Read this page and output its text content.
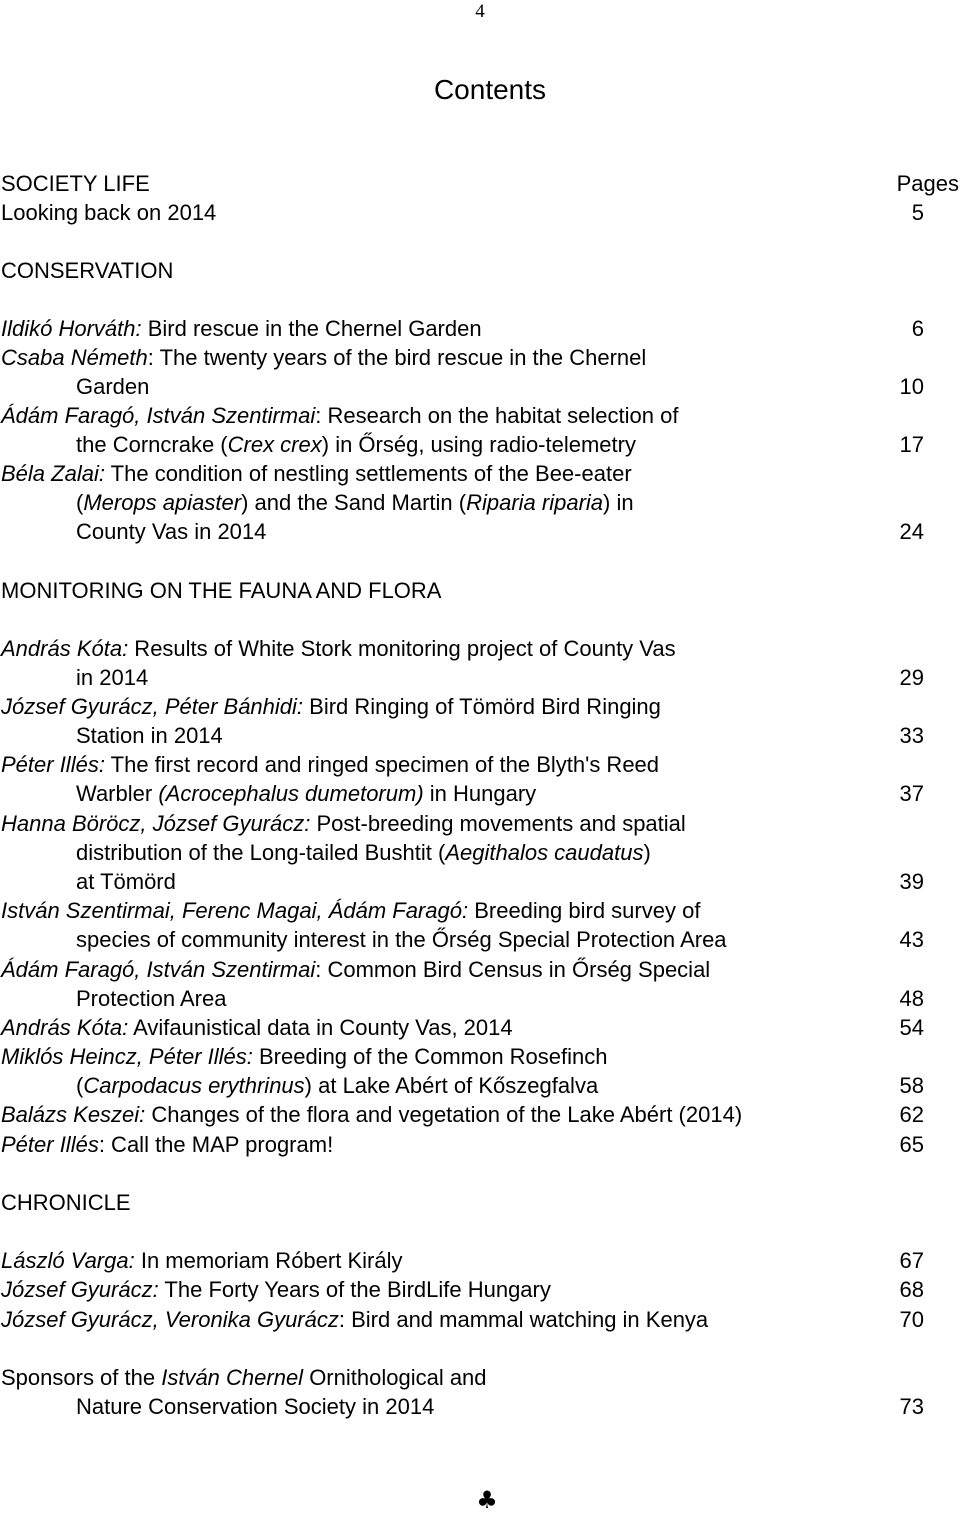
4
Contents
SOCIETY LIFE	Pages
Looking back on 2014	5
CONSERVATION
Ildikó Horváth: Bird rescue in the Chernel Garden	6
Csaba Németh: The twenty years of the bird rescue in the Chernel
Garden	10
Ádám Faragó, István Szentirmai: Research on the habitat selection of
the Corncrake (Crex crex) in Őrség, using radio-telemetry	17
Béla Zalai: The condition of nestling settlements of the Bee-eater
(Merops apiaster) and the Sand Martin (Riparia riparia) in
County Vas in 2014	24
MONITORING ON THE FAUNA AND FLORA
András Kóta: Results of White Stork monitoring project of County Vas
in 2014	29
József Gyurácz, Péter Bánhidi: Bird Ringing of Tömörd Bird Ringing
Station in 2014	33
Péter Illés: The first record and ringed specimen of the Blyth's Reed
Warbler (Acrocephalus dumetorum) in Hungary	37
Hanna Böröcz, József Gyurácz: Post-breeding movements and spatial
distribution of the Long-tailed Bushtit (Aegithalos caudatus)
at Tömörd	39
István Szentirmai, Ferenc Magai, Ádám Faragó: Breeding bird survey of
species of community interest in the Őrség Special Protection Area	43
Ádám Faragó, István Szentirmai: Common Bird Census in Őrség Special
Protection Area	48
András Kóta: Avifaunistical data in County Vas, 2014	54
Miklós Heincz, Péter Illés: Breeding of the Common Rosefinch
(Carpodacus erythrinus) at Lake Abért of Kőszegfalva	58
Balázs Keszei: Changes of the flora and vegetation of the Lake Abért (2014)	62
Péter Illés: Call the MAP program!	65
CHRONICLE
László Varga: In memoriam Róbert Király	67
József Gyurácz: The Forty Years of the BirdLife Hungary	68
József Gyurácz, Veronika Gyurácz: Bird and mammal watching in Kenya	70
Sponsors of the István Chernel Ornithological and
Nature Conservation Society in 2014	73
♣
